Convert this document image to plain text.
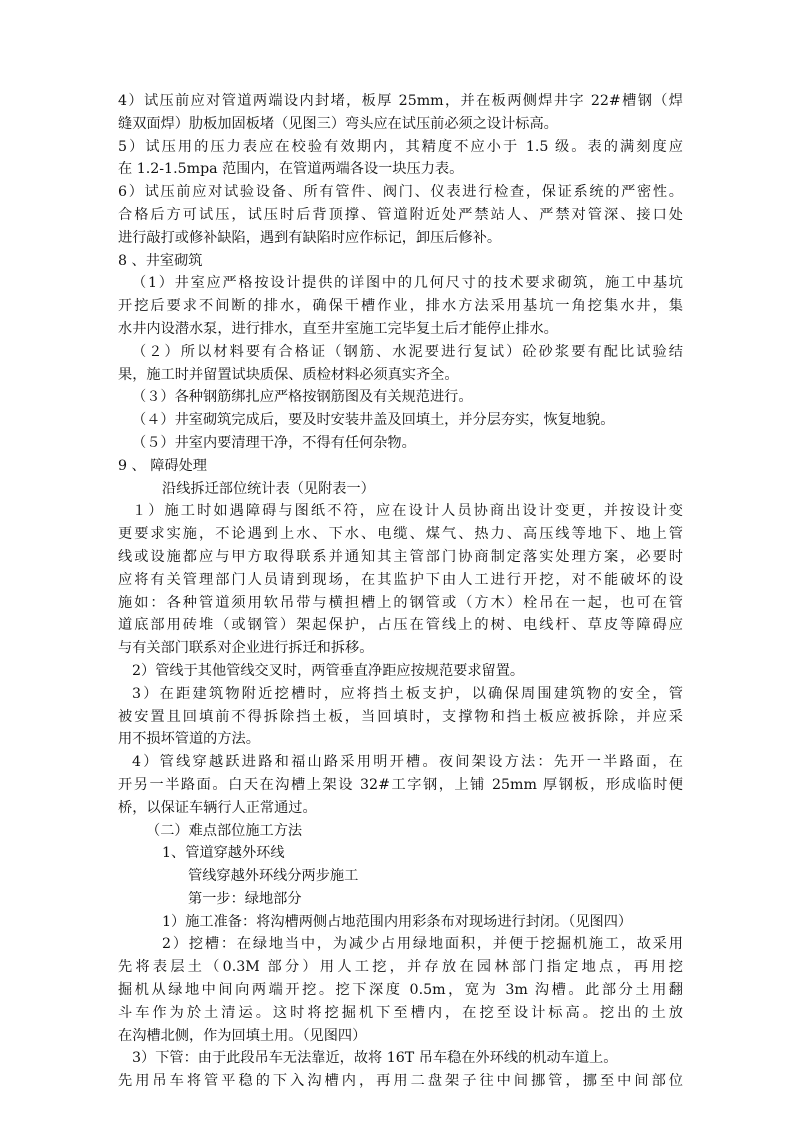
4）试压前应对管道两端设内封堵，板厚 25mm，并在板两侧焊井字 22#槽钢（焊
缝双面焊）肋板加固板堵（见图三）弯头应在试压前必须之设计标高。
5）试压用的压力表应在校验有效期内，其精度不应小于 1.5 级。表的满刻度应
在 1.2-1.5mpa 范围内，在管道两端各设一块压力表。
6）试压前应对试验设备、所有管件、阀门、仪表进行检查，保证系统的严密性。
合格后方可试压，试压时后背顶撑、管道附近处严禁站人、严禁对管深、接口处
进行敲打或修补缺陷，遇到有缺陷时应作标记，卸压后修补。
8 、井室砌筑
（1）井室应严格按设计提供的详图中的几何尺寸的技术要求砌筑，施工中基坑
开挖后要求不间断的排水，确保干槽作业，排水方法采用基坑一角挖集水井，集
水井内设潜水泵，进行排水，直至井室施工完毕复土后才能停止排水。
（２）所以材料要有合格证（钢筋、水泥要进行复试）砼砂浆要有配比试验结
果，施工时并留置试块质保、质检材料必须真实齐全。
（３）各种钢筋绑扎应严格按钢筋图及有关规范进行。
（４）井室砌筑完成后，要及时安装井盖及回填土，并分层夯实，恢复地貌。
（５）井室内要清理干净，不得有任何杂物。
9 、 障碍处理
沿线拆迁部位统计表（见附表一）
１）施工时如遇障碍与图纸不符，应在设计人员协商出设计变更，并按设计变
更要求实施，不论遇到上水、下水、电缆、煤气、热力、高压线等地下、地上管
线或设施都应与甲方取得联系并通知其主管部门协商制定落实处理方案，必要时
应将有关管理部门人员请到现场，在其监护下由人工进行开挖，对不能破坏的设
施如：各种管道须用软吊带与横担槽上的钢管或（方木）栓吊在一起，也可在管
道底部用砖堆（或钢管）架起保护，占压在管线上的树、电线杆、草皮等障碍应
与有关部门联系对企业进行拆迁和拆移。
2）管线于其他管线交叉时，两管垂直净距应按规范要求留置。
3）在距建筑物附近挖槽时，应将挡土板支护，以确保周围建筑物的安全，管
被安置且回填前不得拆除挡土板，当回填时，支撑物和挡土板应被拆除，并应采
用不损坏管道的方法。
4）管线穿越跃进路和福山路采用明开槽。夜间架设方法：先开一半路面，在
开另一半路面。白天在沟槽上架设 32#工字钢，上铺 25mm 厚钢板，形成临时便
桥，以保证车辆行人正常通过。
（二）难点部位施工方法
1、管道穿越外环线
管线穿越外环线分两步施工
第一步：绿地部分
1）施工准备：将沟槽两侧占地范围内用彩条布对现场进行封闭。（见图四）
2）挖槽：在绿地当中，为减少占用绿地面积，并便于挖掘机施工，故采用
先将表层土（0.3M 部分）用人工挖，并存放在园林部门指定地点，再用挖
掘机从绿地中间向两端开挖。挖下深度 0.5m，宽为 3m 沟槽。此部分土用翻
斗车作为於土清运。这时将挖掘机下至槽内，在挖至设计标高。挖出的土放
在沟槽北侧，作为回填土用。（见图四）
3）下管：由于此段吊车无法靠近，故将 16T 吊车稳在外环线的机动车道上。
先用吊车将管平稳的下入沟槽内，再用二盘架子往中间挪管，挪至中间部位
